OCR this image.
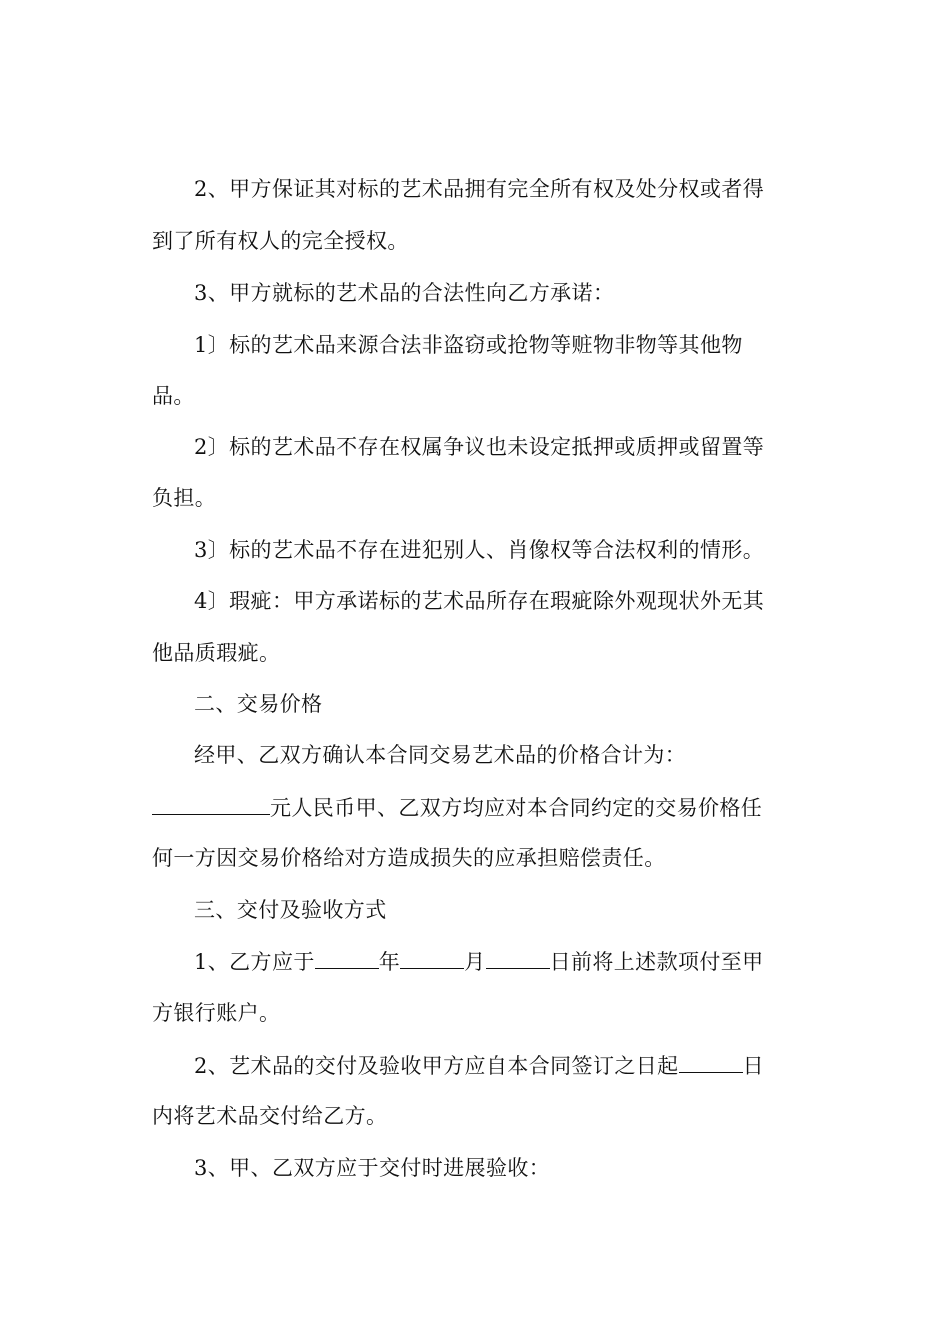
2、甲方保证其对标的艺术品拥有完全所有权及处分权或者得
到了所有权人的完全授权。
3、甲方就标的艺术品的合法性向乙方承诺：
1〕标的艺术品来源合法非盗窃或抢物等赃物非物等其他物
品。
2〕标的艺术品不存在权属争议也未设定抵押或质押或留置等
负担。
3〕标的艺术品不存在进犯别人、肖像权等合法权利的情形。
4〕瑕疵：甲方承诺标的艺术品所存在瑕疵除外观现状外无其
他品质瑕疵。
二、交易价格
经甲、乙双方确认本合同交易艺术品的价格合计为：
元人民币甲、乙双方均应对本合同约定的交易价格任
何一方因交易价格给对方造成损失的应承担赔偿责任。
三、交付及验收方式
1、乙方应于	年	月	日前将上述款项付至甲
方银行账户。
2、艺术品的交付及验收甲方应自本合同签订之日起	日
内将艺术品交付给乙方。
3、甲、乙双方应于交付时进展验收：
